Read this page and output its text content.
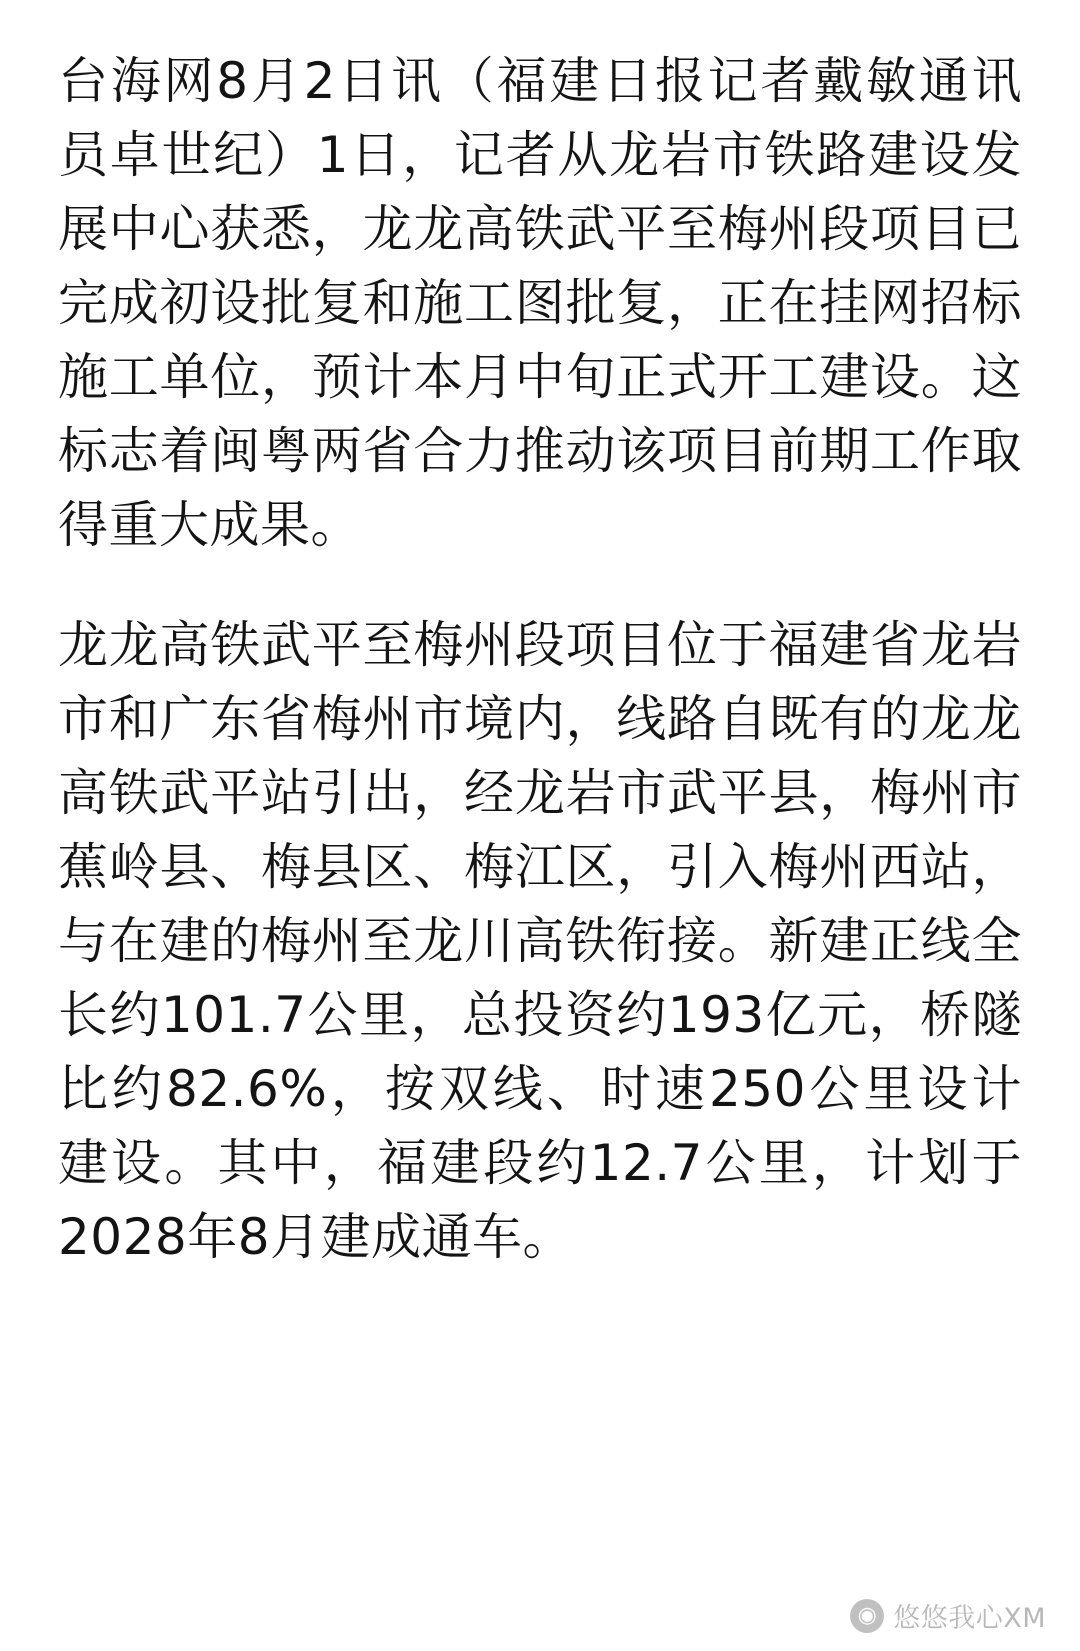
台海网8月2日讯（福建日报记者戴敏通讯员卓世纪）1日，记者从龙岩市铁路建设发展中心获悉，龙龙高铁武平至梅州段项目已完成初设批复和施工图批复，正在挂网招标施工单位，预计本月中旬正式开工建设。这标志着闽粤两省合力推动该项目前期工作取得重大成果。

龙龙高铁武平至梅州段项目位于福建省龙岩市和广东省梅州市境内，线路自既有的龙龙高铁武平站引出，经龙岩市武平县，梅州市蕉岭县、梅县区、梅江区，引入梅州西站，与在建的梅州至龙川高铁衔接。新建正线全长约101.7公里，总投资约193亿元，桥隧比约82.6%，按双线、时速250公里设计建设。其中，福建段约12.7公里，计划于2028年8月建成通车。

◉ 悠悠我心XM
